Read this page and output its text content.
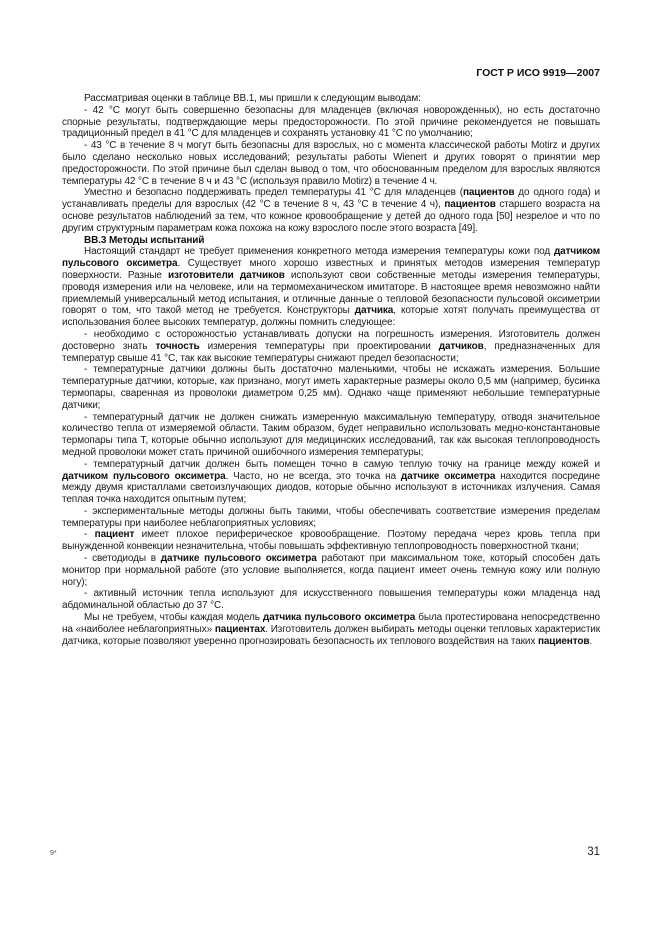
ГОСТ Р ИСО 9919—2007

Рассматривая оценки в таблице ВВ.1, мы пришли к следующим выводам:

- 42 °С могут быть совершенно безопасны для младенцев (включая новорожденных), но есть достаточно спорные результаты, подтверждающие меры предосторожности. По этой причине рекомендуется не повышать традиционный предел в 41 °С для младенцев и сохранять установку 41 °С по умолчанию;

- 43 °С в течение 8 ч могут быть безопасны для взрослых, но с момента классической работы Motirz и других было сделано несколько новых исследований; результаты работы Wienert и других говорят о принятии мер предосторожности. По этой причине был сделан вывод о том, что обоснованным пределом для взрослых являются температуры 42 °С в течение 8 ч и 43 °С (используя правило Motirz) в течение 4 ч.

Уместно и безопасно поддерживать предел температуры 41 °С для младенцев (пациентов до одного года) и устанавливать пределы для взрослых (42 °С в течение 8 ч, 43 °С в течение 4 ч), пациентов старшего возраста на основе результатов наблюдений за тем, что кожное кровообращение у детей до одного года [50] незрелое и что по другим структурным параметрам кожа похожа на кожу взрослого после этого возраста [49].

ВВ.3 Методы испытаний

Настоящий стандарт не требует применения конкретного метода измерения температуры кожи под датчиком пульсового оксиметра. Существует много хорошо известных и принятых методов измерения температур поверхности. Разные изготовители датчиков используют свои собственные методы измерения температуры, проводя измерения или на человеке, или на термомеханическом имитаторе. В настоящее время невозможно найти приемлемый универсальный метод испытания, и отличные данные о тепловой безопасности пульсовой оксиметрии говорят о том, что такой метод не требуется. Конструкторы датчика, которые хотят получать преимущества от использования более высоких температур, должны помнить следующее:

- необходимо с осторожностью устанавливать допуски на погрешность измерения. Изготовитель должен достоверно знать точность измерения температуры при проектировании датчиков, предназначенных для температур свыше 41 °С, так как высокие температуры снижают предел безопасности;

- температурные датчики должны быть достаточно маленькими, чтобы не искажать измерения. Большие температурные датчики, которые, как признано, могут иметь характерные размеры около 0,5 мм (например, бусинка термопары, сваренная из проволоки диаметром 0,25 мм). Однако чаще применяют небольшие температурные датчики;

- температурный датчик не должен снижать измеренную максимальную температуру, отводя значительное количество тепла от измеряемой области. Таким образом, будет неправильно использовать медно-константановые термопары типа Т, которые обычно используют для медицинских исследований, так как высокая теплопроводность медной проволоки может стать причиной ошибочного измерения температуры;

- температурный датчик должен быть помещен точно в самую теплую точку на границе между кожей и датчиком пульсового оксиметра. Часто, но не всегда, это точка на датчике оксиметра находится посредине между двумя кристаллами светоизлучающих диодов, которые обычно используют в источниках излучения. Самая теплая точка находится опытным путем;

- экспериментальные методы должны быть такими, чтобы обеспечивать соответствие измерения пределам температуры при наиболее неблагоприятных условиях;

- пациент имеет плохое периферическое кровообращение. Поэтому передача через кровь тепла при вынужденной конвекции незначительна, чтобы повышать эффективную теплопроводность поверхностной ткани;

- светодиоды в датчике пульсового оксиметра работают при максимальном токе, который способен дать монитор при нормальной работе (это условие выполняется, когда пациент имеет очень темную кожу или полную ногу);

- активный источник тепла используют для искусственного повышения температуры кожи младенца над абдоминальной областью до 37 °С.

Мы не требуем, чтобы каждая модель датчика пульсового оксиметра была протестирована непосредственно на «наиболее неблагоприятных» пациентах. Изготовитель должен выбирать методы оценки тепловых характеристик датчика, которые позволяют уверенно прогнозировать безопасность их теплового воздействия на таких пациентов.

9*	31
